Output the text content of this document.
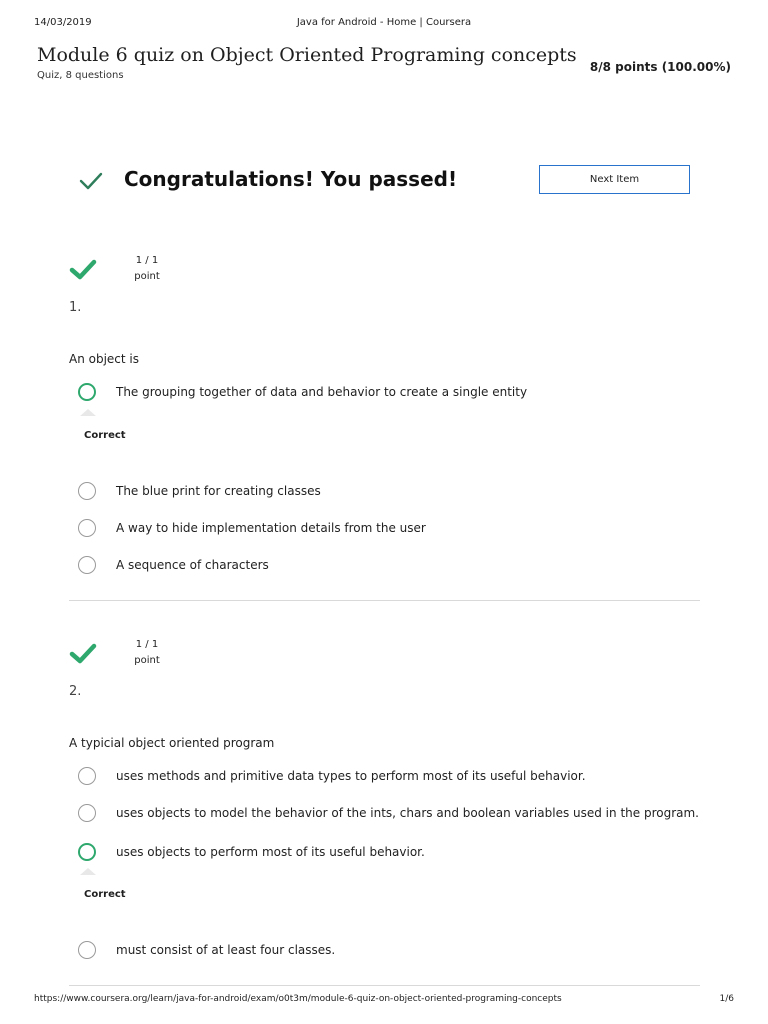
14/03/2019	Java for Android - Home | Coursera
Module 6 quiz on Object Oriented Programing concepts
Quiz, 8 questions
8/8 points (100.00%)
Congratulations! You passed!	Next Item
1 / 1
point
1.
An object is
The grouping together of data and behavior to create a single entity
Correct
The blue print for creating classes
A way to hide implementation details from the user
A sequence of characters
1 / 1
point
2.
A typicial object oriented program
uses methods and primitive data types to perform most of its useful behavior.
uses objects to model the behavior of the ints, chars and boolean variables used in the program.
uses objects to perform most of its useful behavior.
Correct
must consist of at least four classes.
https://www.coursera.org/learn/java-for-android/exam/o0t3m/module-6-quiz-on-object-oriented-programing-concepts	1/6
